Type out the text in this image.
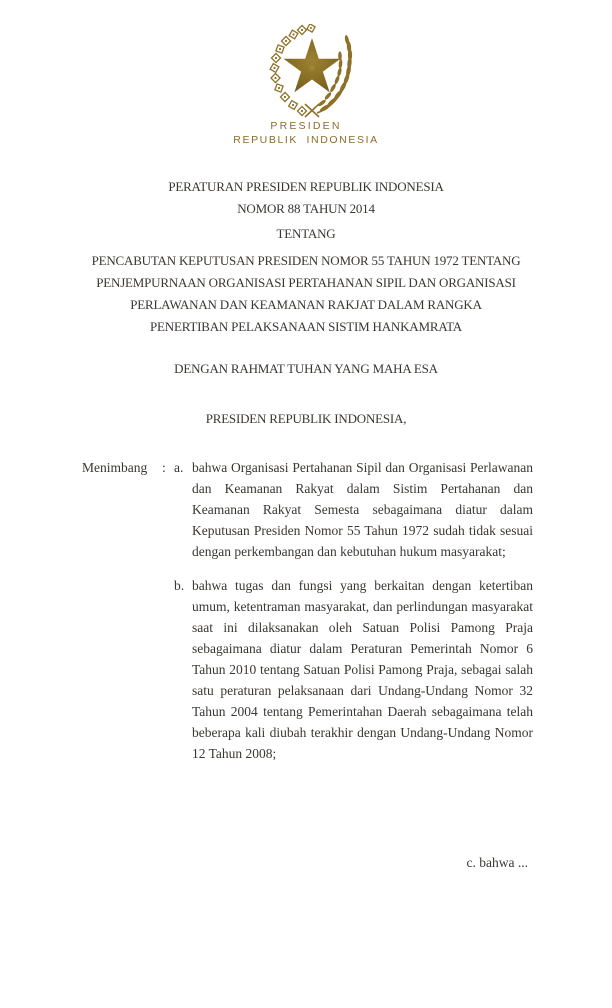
PRESIDEN
REPUBLIK INDONESIA
PERATURAN PRESIDEN REPUBLIK INDONESIA
NOMOR 88 TAHUN 2014
TENTANG
PENCABUTAN KEPUTUSAN PRESIDEN NOMOR 55 TAHUN 1972 TENTANG
PENJEMPURNAAN ORGANISASI PERTAHANAN SIPIL DAN ORGANISASI
PERLAWANAN DAN KEAMANAN RAKJAT DALAM RANGKA
PENERTIBAN PELAKSANAAN SISTIM HANKAMRATA
DENGAN RAHMAT TUHAN YANG MAHA ESA
PRESIDEN REPUBLIK INDONESIA,
Menimbang	: a. bahwa Organisasi Pertahanan Sipil dan Organisasi Perlawanan dan Keamanan Rakyat dalam Sistim Pertahanan dan Keamanan Rakyat Semesta sebagaimana diatur dalam Keputusan Presiden Nomor 55 Tahun 1972 sudah tidak sesuai dengan perkembangan dan kebutuhan hukum masyarakat;
b. bahwa tugas dan fungsi yang berkaitan dengan ketertiban umum, ketentraman masyarakat, dan perlindungan masyarakat saat ini dilaksanakan oleh Satuan Polisi Pamong Praja sebagaimana diatur dalam Peraturan Pemerintah Nomor 6 Tahun 2010 tentang Satuan Polisi Pamong Praja, sebagai salah satu peraturan pelaksanaan dari Undang-Undang Nomor 32 Tahun 2004 tentang Pemerintahan Daerah sebagaimana telah beberapa kali diubah terakhir dengan Undang-Undang Nomor 12 Tahun 2008;
c. bahwa ...
